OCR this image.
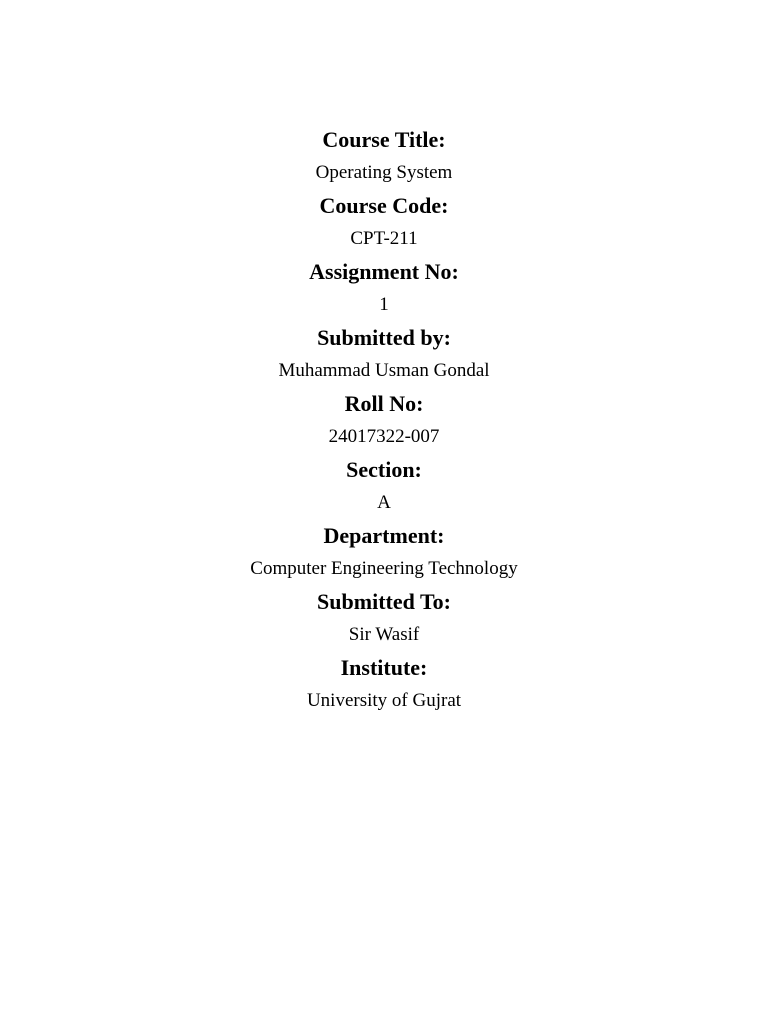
Course Title:
Operating System
Course Code:
CPT-211
Assignment No:
1
Submitted by:
Muhammad Usman Gondal
Roll No:
24017322-007
Section:
A
Department:
Computer Engineering Technology
Submitted To:
Sir Wasif
Institute:
University of Gujrat
